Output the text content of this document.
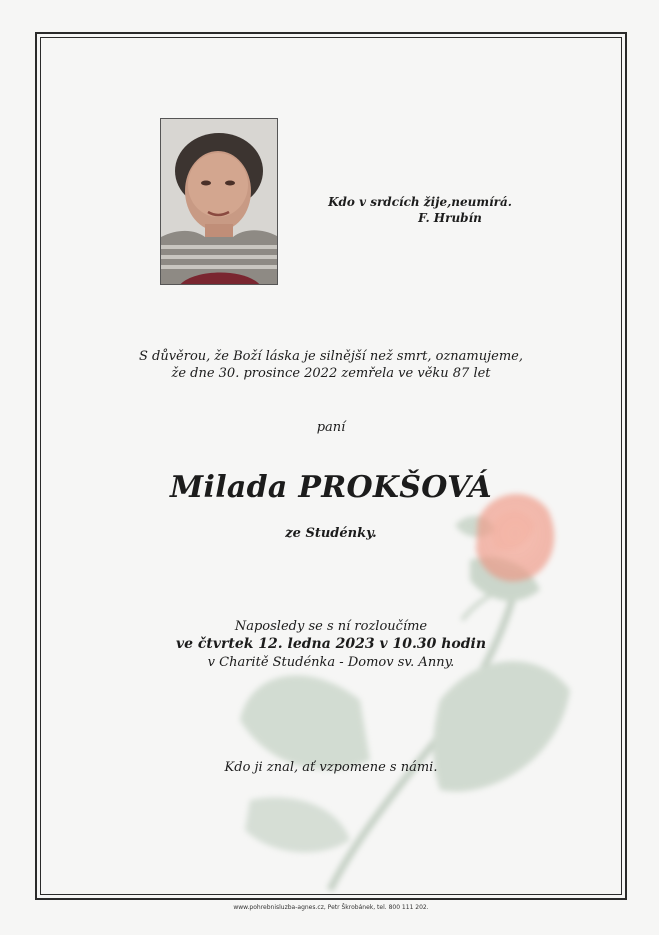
Kdo v srdcích žije,neumírá.
F. Hrubín
S důvěrou, že Boží láska je silnější než smrt, oznamujeme,
že dne 30. prosince 2022 zemřela ve věku 87 let
paní
Milada PROKŠOVÁ
ze Studénky.
Naposledy se s ní rozloučíme
ve čtvrtek 12. ledna 2023 v 10.30 hodin
v Charitě Studénka - Domov sv. Anny.
Kdo ji znal, ať vzpomene s námi.
www.pohrebnisluzba-agnes.cz, Petr Škrobánek, tel. 800 111 202.
